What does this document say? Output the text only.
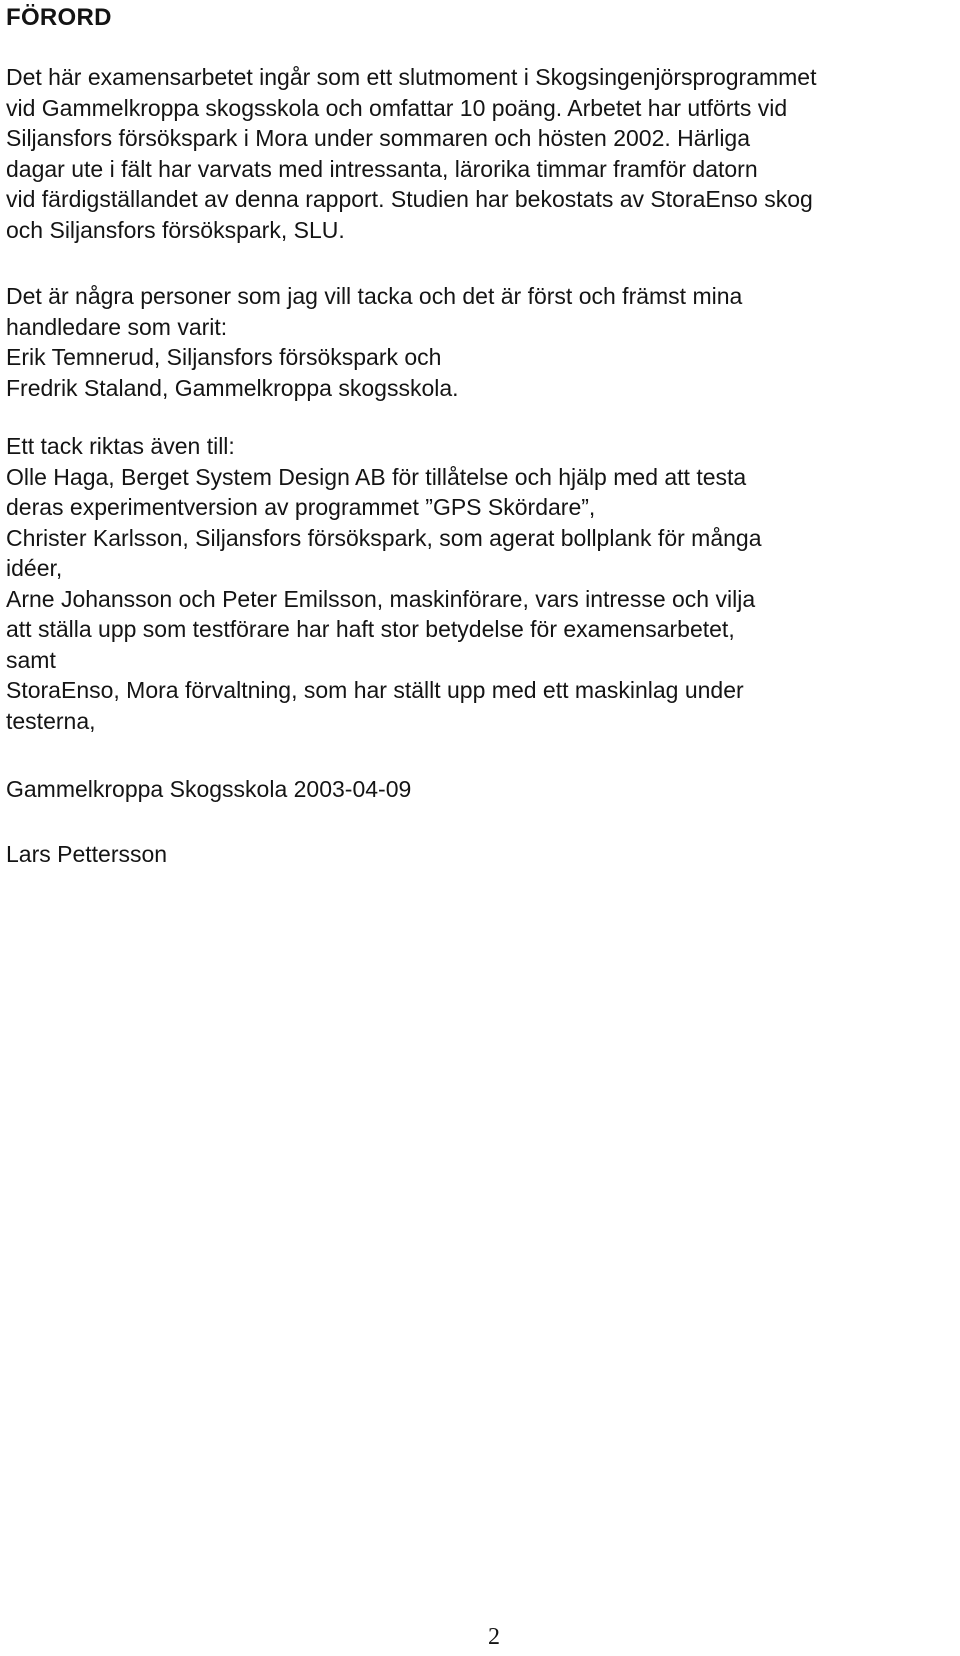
FÖRORD

Det här examensarbetet ingår som ett slutmoment i Skogsingenjörsprogrammet
vid Gammelkroppa skogsskola och omfattar 10 poäng. Arbetet har utförts vid
Siljansfors försökspark i Mora under sommaren och hösten 2002. Härliga
dagar ute i fält har varvats med intressanta, lärorika timmar framför datorn
vid färdigställandet av denna rapport. Studien har bekostats av StoraEnso skog
och Siljansfors försökspark, SLU.

Det är några personer som jag vill tacka och det är först och främst mina
handledare som varit:
Erik Temnerud, Siljansfors försökspark och
Fredrik Staland, Gammelkroppa skogsskola.

Ett tack riktas även till:
Olle Haga, Berget System Design AB för tillåtelse och hjälp med att testa
deras experimentversion av programmet ”GPS Skördare”,
Christer Karlsson, Siljansfors försökspark, som agerat bollplank för många
idéer,
Arne Johansson och Peter Emilsson, maskinförare, vars intresse och vilja
att ställa upp som testförare har haft stor betydelse för examensarbetet,
samt
StoraEnso, Mora förvaltning, som har ställt upp med ett maskinlag under
testerna,

Gammelkroppa Skogsskola 2003-04-09

Lars Pettersson

2
